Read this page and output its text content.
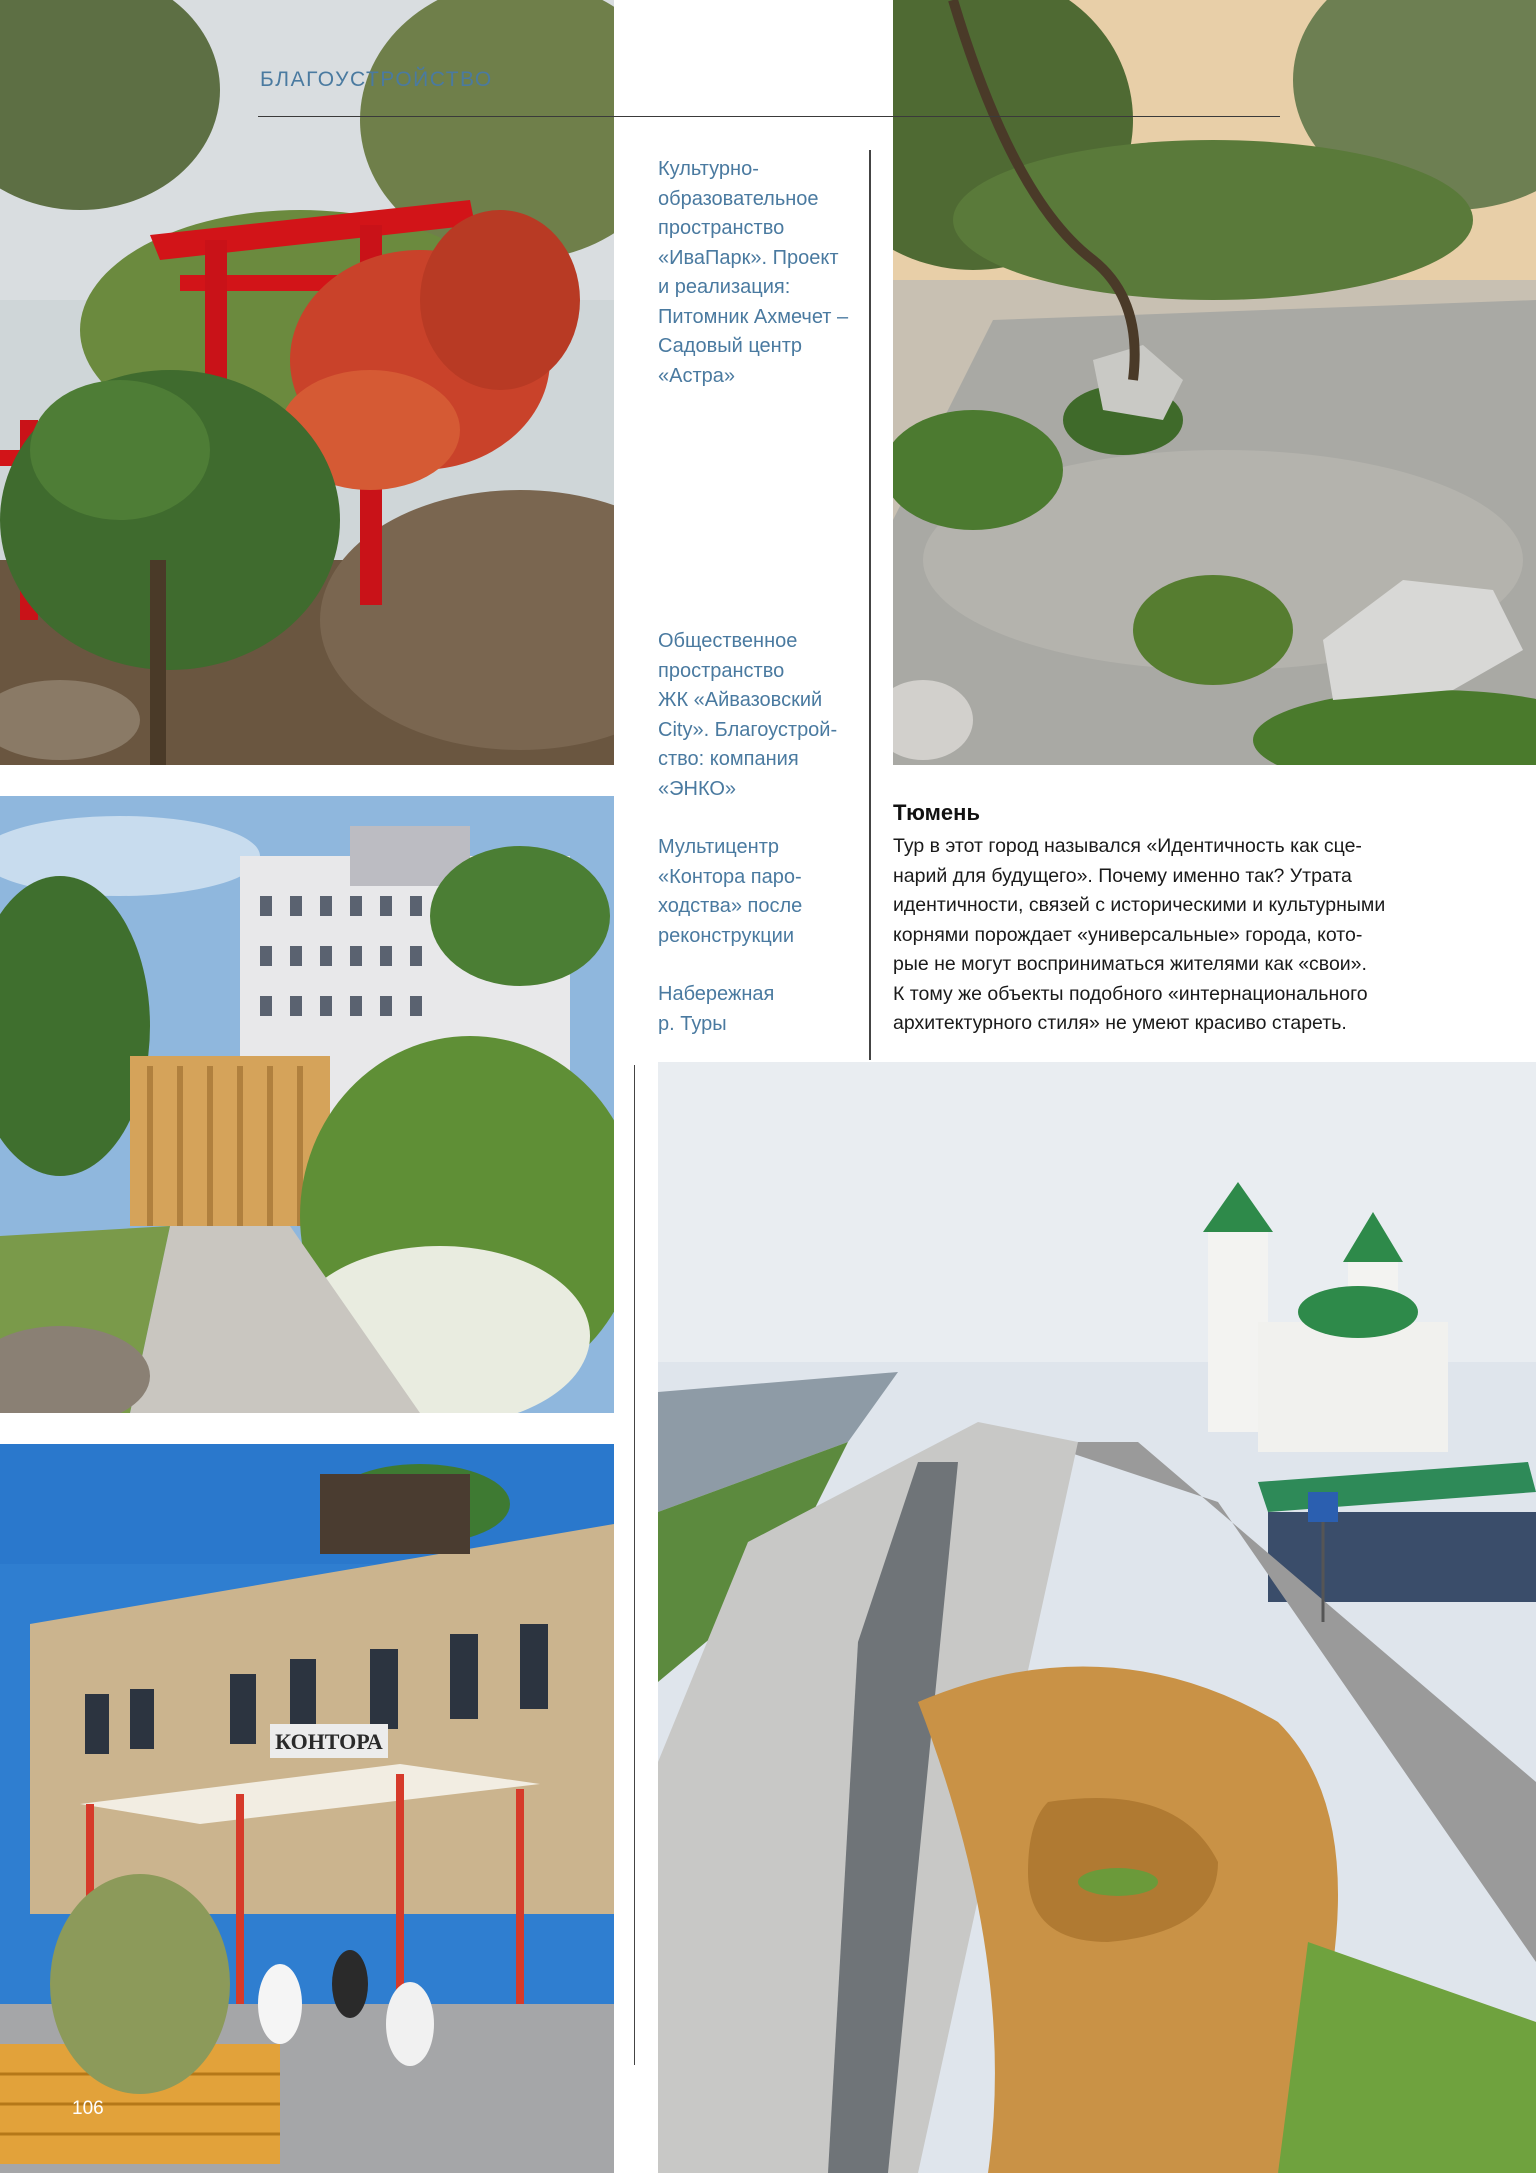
КОНТОРА
БЛАГОУСТРОЙСТВО
Культурно-
образовательное
пространство
«ИваПарк». Проект
и реализация:
Питомник Ахмечет –
Садовый центр
«Астра»
Общественное
пространство
ЖК «Айвазовский
City». Благоустрой-
ство: компания
«ЭНКО»
Мультицентр
«Контора паро-
ходства» после
реконструкции
Набережная
р. Туры
Тюмень
Тур в этот город назывался «Идентичность как сце-
нарий для будущего». Почему именно так? Утрата
идентичности, связей с историческими и культурными
корнями порождает «универсальные» города, кото-
рые не могут восприниматься жителями как «свои».
К тому же объекты подобного «интернационального
архитектурного стиля» не умеют красиво стареть.
106
